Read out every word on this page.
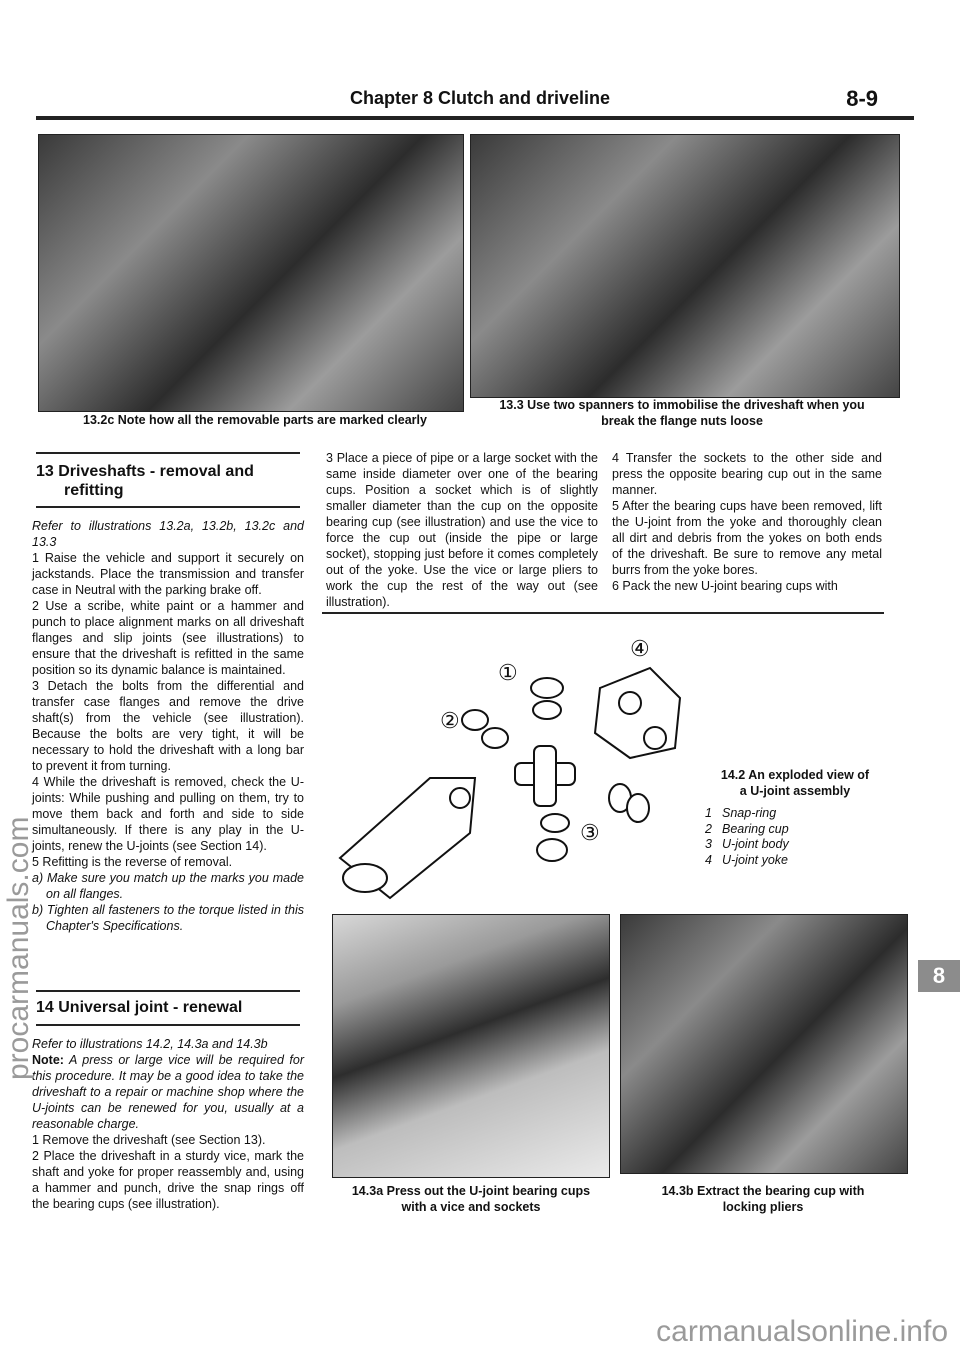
Chapter 8 Clutch and driveline	8-9
13.2c Note how all the removable parts are marked clearly
13.3 Use two spanners to immobilise the driveshaft when you
break the flange nuts loose
13 Driveshafts - removal and
refitting

Refer to illustrations 13.2a, 13.2b, 13.2c and 13.3

1 Raise the vehicle and support it securely on jackstands. Place the transmission and transfer case in Neutral with the parking brake off.

2 Use a scribe, white paint or a hammer and punch to place alignment marks on all driveshaft flanges and slip joints (see illustrations) to ensure that the driveshaft is refitted in the same position so its dynamic balance is maintained.

3 Detach the bolts from the differential and transfer case flanges and remove the drive shaft(s) from the vehicle (see illustration). Because the bolts are very tight, it will be necessary to hold the driveshaft with a long bar to prevent it from turning.

4 While the driveshaft is removed, check the U-joints: While pushing and pulling on them, try to move them back and forth and side to side simultaneously. If there is any play in the U-joints, renew the U-joints (see Section 14).

5 Refitting is the reverse of removal.

a) Make sure you match up the marks you made on all flanges.

b) Tighten all fasteners to the torque listed in this Chapter's Specifications.

14 Universal joint - renewal

Refer to illustrations 14.2, 14.3a and 14.3b

Note: A press or large vice will be required for this procedure. It may be a good idea to take the driveshaft to a repair or machine shop where the U-joints can be renewed for you, usually at a reasonable charge.

1 Remove the driveshaft (see Section 13).

2 Place the driveshaft in a sturdy vice, mark the shaft and yoke for proper reassembly and, using a hammer and punch, drive the snap rings off the bearing cups (see illustration).

3 Place a piece of pipe or a large socket with the same inside diameter over one of the bearing cups. Position a socket which is of slightly smaller diameter than the cup on the opposite bearing cup (see illustration) and use the vice to force the cup out (inside the pipe or large socket), stopping just before it comes completely out of the yoke. Use the vice or large pliers to work the cup the rest of the way out (see illustration).

4 Transfer the sockets to the other side and press the opposite bearing cup out in the same manner.

5 After the bearing cups have been removed, lift the U-joint from the yoke and thoroughly clean all dirt and debris from the yokes on both ends of the driveshaft. Be sure to remove any metal burrs from the yoke bores.

6 Pack the new U-joint bearing cups with

①
②
③
④
14.2 An exploded view of
a U-joint assembly
1 Snap-ring
2 Bearing cup
3 U-joint body
4 U-joint yoke
14.3a Press out the U-joint bearing cups
with a vice and sockets
14.3b Extract the bearing cup with
locking pliers
8
procarmanuals.com
carmanualsonline.info
